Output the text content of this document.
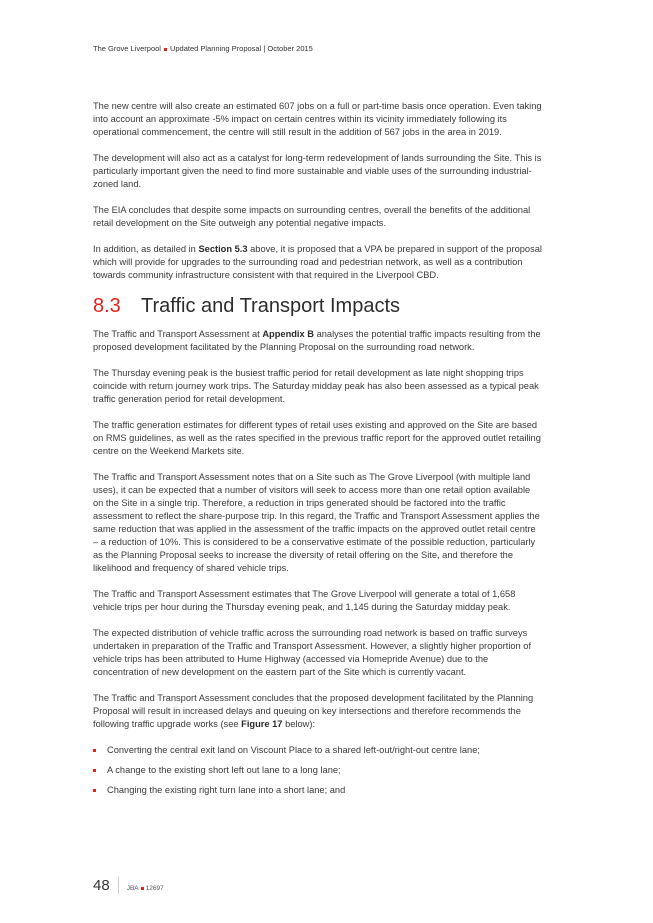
The Grove Liverpool Updated Planning Proposal | October 2015

The new centre will also create an estimated 607 jobs on a full or part-time basis once operation. Even taking into account an approximate -5% impact on certain centres within its vicinity immediately following its operational commencement, the centre will still result in the addition of 567 jobs in the area in 2019.

The development will also act as a catalyst for long-term redevelopment of lands surrounding the Site. This is particularly important given the need to find more sustainable and viable uses of the surrounding industrial-zoned land.

The EIA concludes that despite some impacts on surrounding centres, overall the benefits of the additional retail development on the Site outweigh any potential negative impacts.

In addition, as detailed in Section 5.3 above, it is proposed that a VPA be prepared in support of the proposal which will provide for upgrades to the surrounding road and pedestrian network, as well as a contribution towards community infrastructure consistent with that required in the Liverpool CBD.

8.3 Traffic and Transport Impacts

The Traffic and Transport Assessment at Appendix B analyses the potential traffic impacts resulting from the proposed development facilitated by the Planning Proposal on the surrounding road network.

The Thursday evening peak is the busiest traffic period for retail development as late night shopping trips coincide with return journey work trips. The Saturday midday peak has also been assessed as a typical peak traffic generation period for retail development.

The traffic generation estimates for different types of retail uses existing and approved on the Site are based on RMS guidelines, as well as the rates specified in the previous traffic report for the approved outlet retailing centre on the Weekend Markets site.

The Traffic and Transport Assessment notes that on a Site such as The Grove Liverpool (with multiple land uses), it can be expected that a number of visitors will seek to access more than one retail option available on the Site in a single trip. Therefore, a reduction in trips generated should be factored into the traffic assessment to reflect the share-purpose trip. In this regard, the Traffic and Transport Assessment applies the same reduction that was applied in the assessment of the traffic impacts on the approved outlet retail centre – a reduction of 10%. This is considered to be a conservative estimate of the possible reduction, particularly as the Planning Proposal seeks to increase the diversity of retail offering on the Site, and therefore the likelihood and frequency of shared vehicle trips.

The Traffic and Transport Assessment estimates that The Grove Liverpool will generate a total of 1,658 vehicle trips per hour during the Thursday evening peak, and 1,145 during the Saturday midday peak.

The expected distribution of vehicle traffic across the surrounding road network is based on traffic surveys undertaken in preparation of the Traffic and Transport Assessment. However, a slightly higher proportion of vehicle trips has been attributed to Hume Highway (accessed via Homepride Avenue) due to the concentration of new development on the eastern part of the Site which is currently vacant.

The Traffic and Transport Assessment concludes that the proposed development facilitated by the Planning Proposal will result in increased delays and queuing on key intersections and therefore recommends the following traffic upgrade works (see Figure 17 below):

Converting the central exit land on Viscount Place to a shared left-out/right-out centre lane;
A change to the existing short left out lane to a long lane;
Changing the existing right turn lane into a short lane; and
48	JBA 12697
